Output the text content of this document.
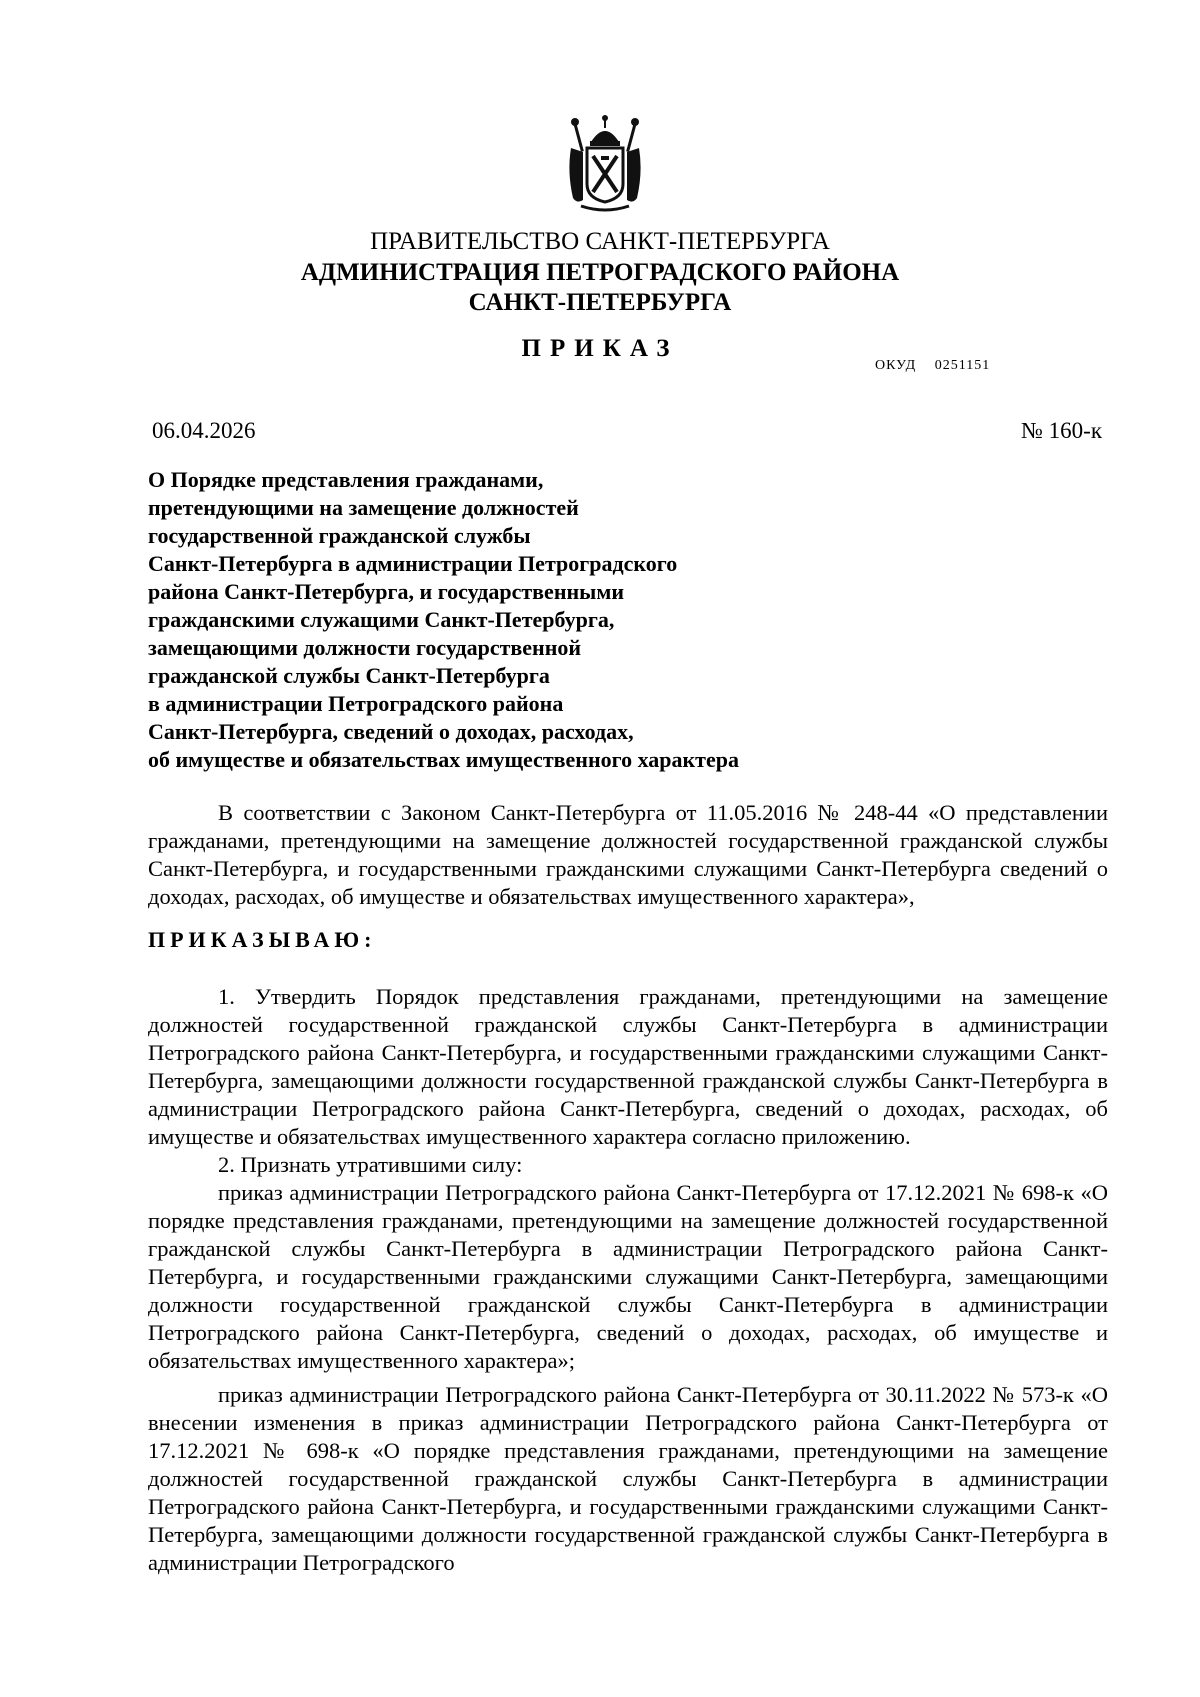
ПРАВИТЕЛЬСТВО САНКТ-ПЕТЕРБУРГА
АДМИНИСТРАЦИЯ ПЕТРОГРАДСКОГО РАЙОНА
САНКТ-ПЕТЕРБУРГА
ПРИКАЗ
ОКУД 0251151
06.04.2026	№ 160-к
О Порядке представления гражданами,
претендующими на замещение должностей
государственной гражданской службы
Санкт-Петербурга в администрации Петроградского
района Санкт-Петербурга, и государственными
гражданскими служащими Санкт-Петербурга,
замещающими должности государственной
гражданской службы Санкт-Петербурга
в администрации Петроградского района
Санкт-Петербурга, сведений о доходах, расходах,
об имуществе и обязательствах имущественного характера
В соответствии с Законом Санкт-Петербурга от 11.05.2016 № 248-44 «О представлении гражданами, претендующими на замещение должностей государственной гражданской службы Санкт-Петербурга, и государственными гражданскими служащими Санкт-Петербурга сведений о доходах, расходах, об имуществе и обязательствах имущественного характера»,
ПРИКАЗЫВАЮ:

1. Утвердить Порядок представления гражданами, претендующими на замещение должностей государственной гражданской службы Санкт-Петербурга в администрации Петроградского района Санкт-Петербурга, и государственными гражданскими служащими Санкт-Петербурга, замещающими должности государственной гражданской службы Санкт-Петербурга в администрации Петроградского района Санкт-Петербурга, сведений о доходах, расходах, об имуществе и обязательствах имущественного характера согласно приложению.

2. Признать утратившими силу:

приказ администрации Петроградского района Санкт-Петербурга от 17.12.2021 № 698-к «О порядке представления гражданами, претендующими на замещение должностей государственной гражданской службы Санкт-Петербурга в администрации Петроградского района Санкт-Петербурга, и государственными гражданскими служащими Санкт-Петербурга, замещающими должности государственной гражданской службы Санкт-Петербурга в администрации Петроградского района Санкт-Петербурга, сведений о доходах, расходах, об имуществе и обязательствах имущественного характера»;

приказ администрации Петроградского района Санкт-Петербурга от 30.11.2022 № 573-к «О внесении изменения в приказ администрации Петроградского района Санкт-Петербурга от 17.12.2021 № 698-к «О порядке представления гражданами, претендующими на замещение должностей государственной гражданской службы Санкт-Петербурга в администрации Петроградского района Санкт-Петербурга, и государственными гражданскими служащими Санкт-Петербурга, замещающими должности государственной гражданской службы Санкт-Петербурга в администрации Петроградского
